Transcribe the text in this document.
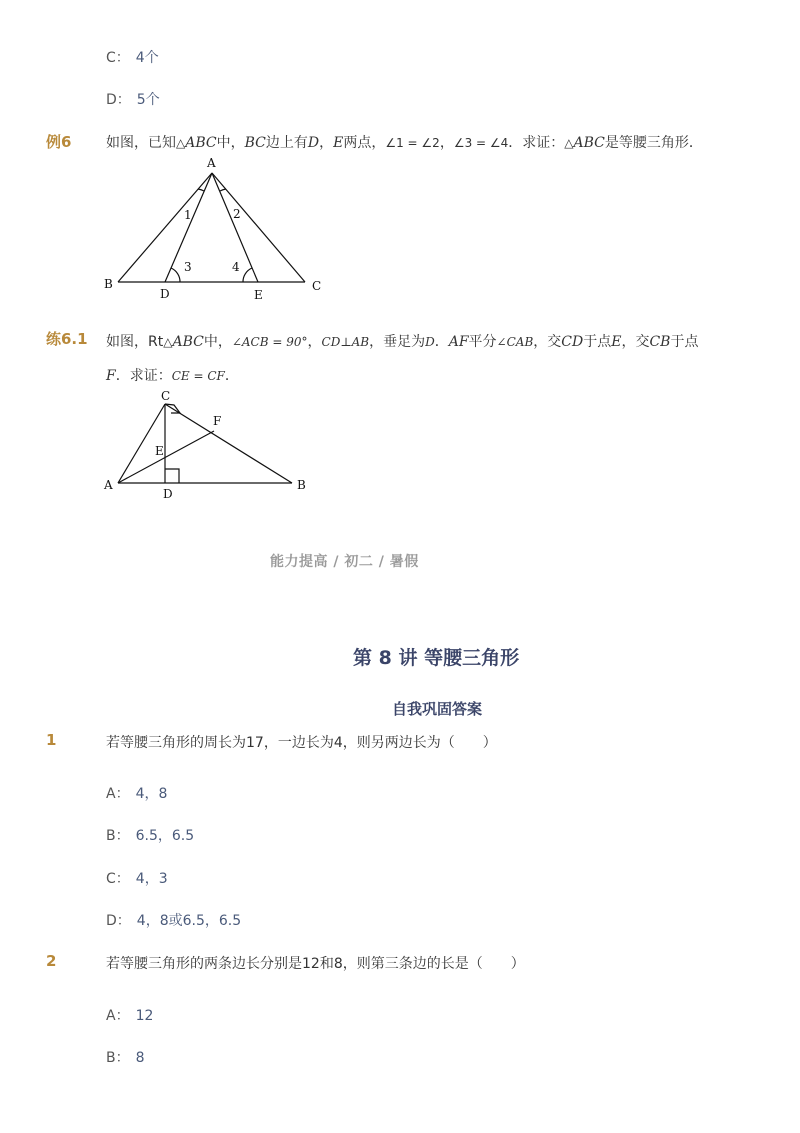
C： 4个
D： 5个
例6 如图，已知△ABC中，BC边上有D，E两点，∠1 = ∠2，∠3 = ∠4．求证：△ABC是等腰三角形．
A
B	C
D	E
1	2
3	4
C
A	B
D
E
F
练6.1 如图，Rt△ABC中，∠ACB = 90°，CD⊥AB，垂足为D．AF平分∠CAB，交CD于点E，交CB于点
F．求证：CE = CF．
能力提高 / 初二 / 暑假
第 8 讲 等腰三角形
自我巩固答案
1	若等腰三角形的周长为17，一边长为4，则另两边长为（　　）
A： 4，8
B： 6.5，6.5
C： 4，3
D： 4，8或6.5，6.5
2	若等腰三角形的两条边长分别是12和8，则第三条边的长是（　　）
A： 12
B： 8
